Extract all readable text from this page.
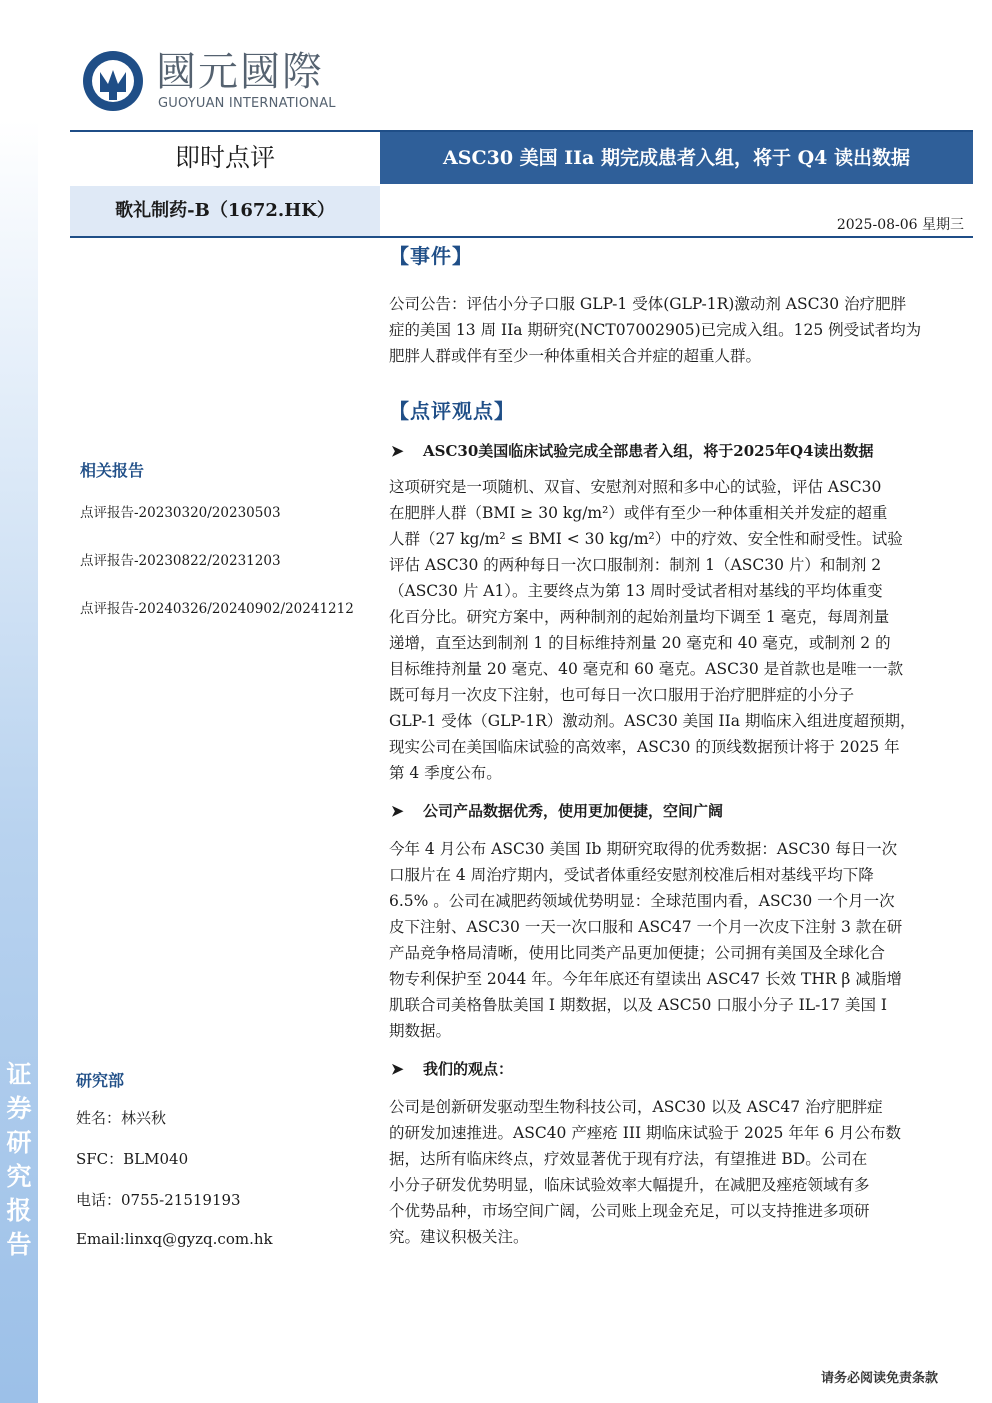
证
券
研
究
报
告
國元國際
GUOYUAN INTERNATIONAL
即时点评	ASC30 美国 IIa 期完成患者入组，将于 Q4 读出数据
歌礼制药-B（1672.HK）
2025-08-06 星期三

相关报告

点评报告-20230320/20230503

点评报告-20230822/20231203

点评报告-20240326/20240902/20241212

研究部

姓名：林兴秋

SFC：BLM040

电话：0755-21519193

Email:linxq@gyzq.com.hk

【事件】

公司公告：评估小分子口服 GLP-1 受体(GLP-1R)激动剂 ASC30 治疗肥胖

症的美国 13 周 IIa 期研究(NCT07002905)已完成入组。125 例受试者均为

肥胖人群或伴有至少一种体重相关合并症的超重人群。

【点评观点】

➤ ASC30美国临床试验完成全部患者入组，将于2025年Q4读出数据

这项研究是一项随机、双盲、安慰剂对照和多中心的试验，评估 ASC30

在肥胖人群（BMI ≥ 30 kg/m²）或伴有至少一种体重相关并发症的超重

人群（27 kg/m² ≤ BMI < 30 kg/m²）中的疗效、安全性和耐受性。试验

评估 ASC30 的两种每日一次口服制剂：制剂 1（ASC30 片）和制剂 2

（ASC30 片 A1）。主要终点为第 13 周时受试者相对基线的平均体重变

化百分比。研究方案中，两种制剂的起始剂量均下调至 1 毫克，每周剂量

递增，直至达到制剂 1 的目标维持剂量 20 毫克和 40 毫克，或制剂 2 的

目标维持剂量 20 毫克、40 毫克和 60 毫克。ASC30 是首款也是唯一一款

既可每月一次皮下注射，也可每日一次口服用于治疗肥胖症的小分子

GLP-1 受体（GLP-1R）激动剂。ASC30 美国 IIa 期临床入组进度超预期，

现实公司在美国临床试验的高效率，ASC30 的顶线数据预计将于 2025 年

第 4 季度公布。

➤ 公司产品数据优秀，使用更加便捷，空间广阔

今年 4 月公布 ASC30 美国 Ib 期研究取得的优秀数据：ASC30 每日一次

口服片在 4 周治疗期内，受试者体重经安慰剂校准后相对基线平均下降

6.5% 。公司在减肥药领域优势明显：全球范围内看，ASC30 一个月一次

皮下注射、ASC30 一天一次口服和 ASC47 一个月一次皮下注射 3 款在研

产品竞争格局清晰，使用比同类产品更加便捷；公司拥有美国及全球化合

物专利保护至 2044 年。今年年底还有望读出 ASC47 长效 THR β 减脂增

肌联合司美格鲁肽美国 I 期数据，以及 ASC50 口服小分子 IL-17 美国 I

期数据。

➤ 我们的观点：

公司是创新研发驱动型生物科技公司，ASC30 以及 ASC47 治疗肥胖症

的研发加速推进。ASC40 产痤疮 III 期临床试验于 2025 年年 6 月公布数

据，达所有临床终点，疗效显著优于现有疗法，有望推进 BD。公司在

小分子研发优势明显，临床试验效率大幅提升，在减肥及痤疮领域有多

个优势品种，市场空间广阔，公司账上现金充足，可以支持推进多项研

究。建议积极关注。

请务必阅读免责条款
